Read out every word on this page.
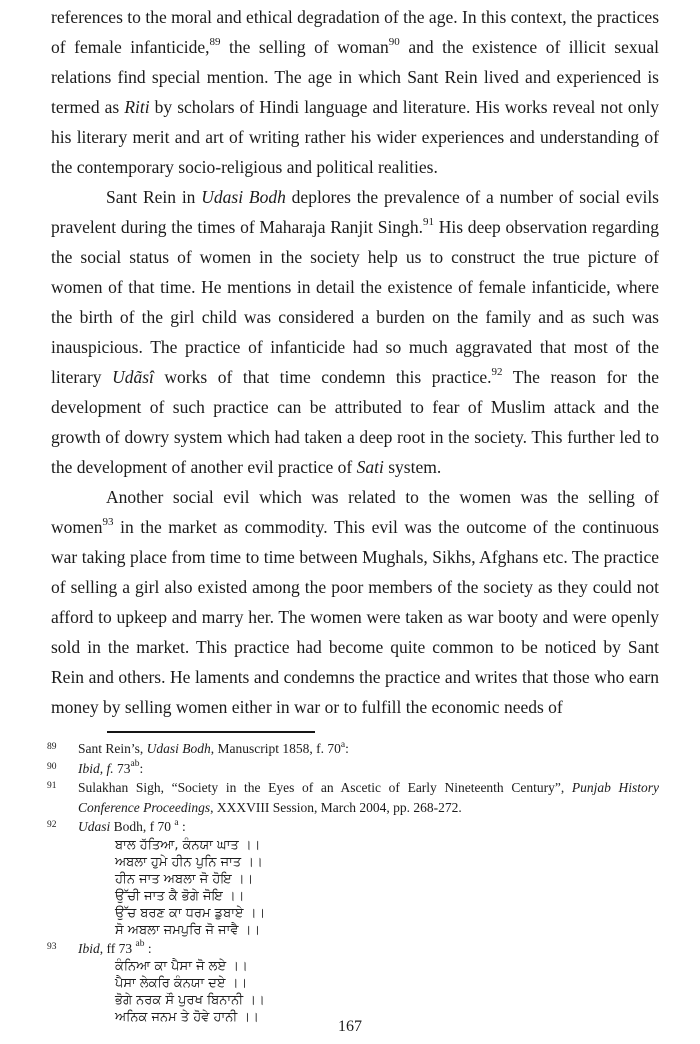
references to the moral and ethical degradation of the age. In this context, the practices of female infanticide,$^{89}$ the selling of woman$^{90}$ and the existence of illicit sexual relations find special mention. The age in which Sant Rein lived and experienced is termed as Riti by scholars of Hindi language and literature. His works reveal not only his literary merit and art of writing rather his wider experiences and understanding of the contemporary socio-religious and political realities.
Sant Rein in Udasi Bodh deplores the prevalence of a number of social evils pravelent during the times of Maharaja Ranjit Singh.$^{91}$ His deep observation regarding the social status of women in the society help us to construct the true picture of women of that time. He mentions in detail the existence of female infanticide, where the birth of the girl child was considered a burden on the family and as such was inauspicious. The practice of infanticide had so much aggravated that most of the literary Udãsî works of that time condemn this practice.$^{92}$ The reason for the development of such practice can be attributed to fear of Muslim attack and the growth of dowry system which had taken a deep root in the society. This further led to the development of another evil practice of Sati system.
Another social evil which was related to the women was the selling of women$^{93}$ in the market as commodity. This evil was the outcome of the continuous war taking place from time to time between Mughals, Sikhs, Afghans etc. The practice of selling a girl also existed among the poor members of the society as they could not afford to upkeep and marry her. The women were taken as war booty and were openly sold in the market. This practice had become quite common to be noticed by Sant Rein and others. He laments and condemns the practice and writes that those who earn money by selling women either in war or to fulfill the economic needs of
89 Sant Rein’s, Udasi Bodh, Manuscript 1858, f. 70$^a$:
90 Ibid, f. $73^{ab}$:
91 Sulakhan Sigh, “Society in the Eyes of an Ascetic of Early Nineteenth Century”, Punjab History Conference Proceedings, XXXVIII Session, March 2004, pp. 268-272.
92 Udasi Bodh, f 70 $^a$ :
ਬਾਲ ਹੱਤਿਆ, ਕੰਨਯਾ ਘਾਤ ।।
ਅਬਲਾ ਹੁਮੇ ਹੀਨ ਪੁਨਿ ਜਾਤ ।।
ਹੀਨ ਜਾਤ ਅਬਲਾ ਜੋ ਹੋਇ ।।
ਉੱਚੀ ਜਾਤ ਕੈ ਭੋਗੇ ਜੋਇ ।।
ਉੱਚ ਬਰਣ ਕਾ ਧਰਮ ਡੁਬਾਏ ।।
ਸੋ ਅਬਲਾ ਜਮਪੁਰਿ ਜੋ ਜਾਵੈ ।।
93 Ibid, ff 73 $^{ab}$ :
ਕੰਨਿਆ ਕਾ ਪੈਸਾ ਜੋ ਲਏ ।।
ਪੈਸਾ ਲੇਕਰਿ ਕੰਨਯਾ ਦਏ ।।
ਭੋਗੇ ਨਰਕ ਸੌ ਪੁਰਖ ਬਿਨਾਨੀ ।।
ਅਨਿਕ ਜਨਮ ਤੇ ਹੋਵੇ ਹਾਨੀ ।।
167
